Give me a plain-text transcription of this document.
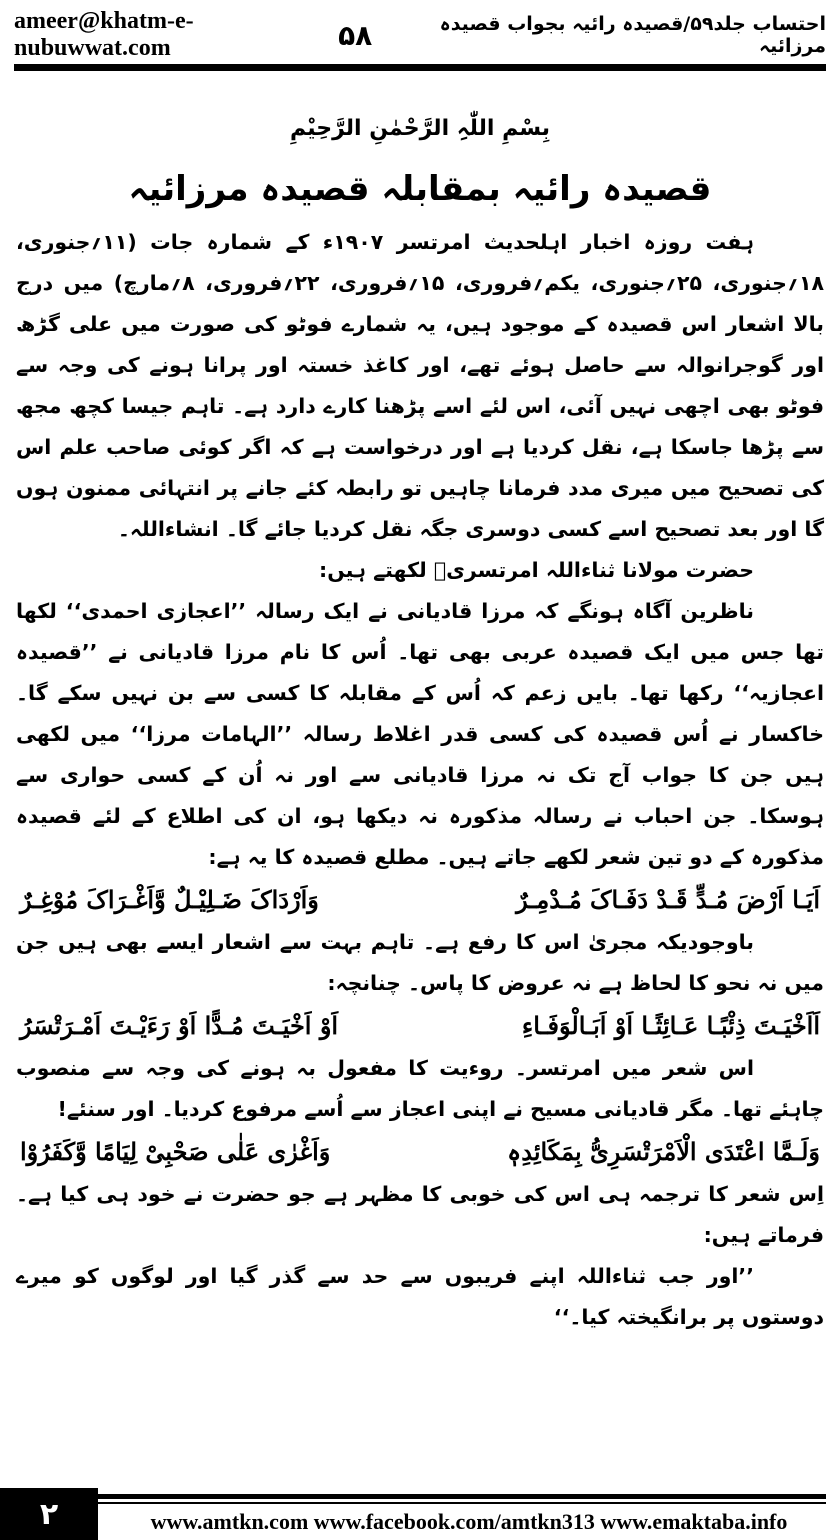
ameer@khatm-e-nubuwwat.com
احتساب جلد۵۹/قصیدہ رائیہ بجواب قصیدہ مرزائیہ
۵۸
بِسْمِ اللّٰہِ الرَّحْمٰنِ الرَّحِیْمِ
قصیدہ رائیہ بمقابلہ قصیدہ مرزائیہ

ہفت روزہ اخبار اہلحدیث امرتسر ۱۹۰۷ء کے شمارہ جات (۱۱؍جنوری، ۱۸؍جنوری، ۲۵؍جنوری، یکم؍فروری، ۱۵؍فروری، ۲۲؍فروری، ۸؍مارچ) میں درج بالا اشعار اس قصیدہ کے موجود ہیں، یہ شمارے فوٹو کی صورت میں علی گڑھ اور گوجرانوالہ سے حاصل ہوئے تھے، اور کاغذ خستہ اور پرانا ہونے کی وجہ سے فوٹو بھی اچھی نہیں آئی، اس لئے اسے پڑھنا کارے دارد ہے۔ تاہم جیسا کچھ مجھ سے پڑھا جاسکا ہے، نقل کردیا ہے اور درخواست ہے کہ اگر کوئی صاحب علم اس کی تصحیح میں میری مدد فرمانا چاہیں تو رابطہ کئے جانے پر انتہائی ممنون ہوں گا اور بعد تصحیح اسے کسی دوسری جگہ نقل کردیا جائے گا۔ انشاءاللہ۔

حضرت مولانا ثناءاللہ امرتسریؒ لکھتے ہیں:

ناظرین آگاہ ہونگے کہ مرزا قادیانی نے ایک رسالہ ’’اعجازی احمدی‘‘ لکھا تھا جس میں ایک قصیدہ عربی بھی تھا۔ اُس کا نام مرزا قادیانی نے ’’قصیدہ اعجازیہ‘‘ رکھا تھا۔ بایں زعم کہ اُس کے مقابلہ کا کسی سے بن نہیں سکے گا۔ خاکسار نے اُس قصیدہ کی کسی قدر اغلاط رسالہ ’’الہامات مرزا‘‘ میں لکھی ہیں جن کا جواب آج تک نہ مرزا قادیانی سے اور نہ اُن کے کسی حواری سے ہوسکا۔ جن احباب نے رسالہ مذکورہ نہ دیکھا ہو، ان کی اطلاع کے لئے قصیدہ مذکورہ کے دو تین شعر لکھے جاتے ہیں۔ مطلع قصیدہ کا یہ ہے:

اَیَـا اَرْضَ مُـدٍّ قَـدْ دَفَـاکَ مُـدْمِـرٌ
وَاَرْدَاکَ ضَـلِیْـلٌ وَّاَغْـرَاکَ مُوْغِـرٌ

باوجودیکہ مجریٰ اس کا رفع ہے۔ تاہم بہت سے اشعار ایسے بھی ہیں جن میں نہ نحو کا لحاظ ہے نہ عروض کا پاس۔ چنانچہ:

اَاَخْیَـتَ ذِئْبًـا عَـائِثًـا اَوْ اَبَـالْوَفَـاءِ
اَوْ اَخْیَـتَ مُـدًّا اَوْ رَءَیْـتَ اَمْـرَتْسَرُ

اس شعر میں امرتسر۔ روءیت کا مفعول بہ ہونے کی وجہ سے منصوب چاہئے تھا۔ مگر قادیانی مسیح نے اپنی اعجاز سے اُسے مرفوع کردیا۔ اور سنئے!

وَلَـمَّا اعْتَدَی الْاَمْرَتْسَرِیُّ بِمَکَائِدِہٖ
وَاَغْرٰی عَلٰی صَحْبِیْ لِیَامًا وَّکَفَرُوْا

اِس شعر کا ترجمہ ہی اس کی خوبی کا مظہر ہے جو حضرت نے خود ہی کیا ہے۔ فرماتے ہیں:

’’اور جب ثناءاللہ اپنے فریبوں سے حد سے گذر گیا اور لوگوں کو میرے دوستوں پر برانگیختہ کیا۔‘‘

۲	www.amtkn.com www.facebook.com/amtkn313 www.emaktaba.info
